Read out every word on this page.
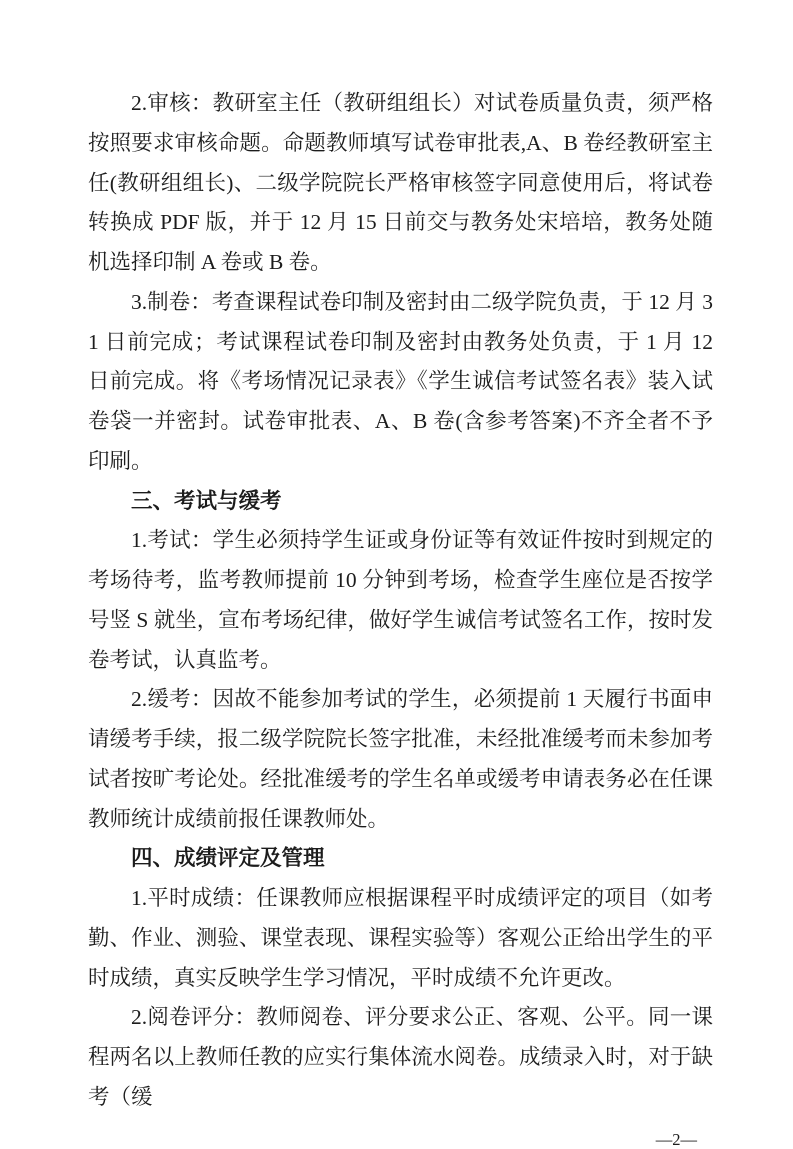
2.审核：教研室主任（教研组组长）对试卷质量负责，须严格按照要求审核命题。命题教师填写试卷审批表,A、B 卷经教研室主任(教研组组长)、二级学院院长严格审核签字同意使用后，将试卷转换成 PDF 版，并于 12 月 15 日前交与教务处宋培培，教务处随机选择印制 A 卷或 B 卷。

3.制卷：考查课程试卷印制及密封由二级学院负责，于 12 月 31 日前完成；考试课程试卷印制及密封由教务处负责，于 1 月 12 日前完成。将《考场情况记录表》《学生诚信考试签名表》装入试卷袋一并密封。试卷审批表、A、B 卷(含参考答案)不齐全者不予印刷。

三、考试与缓考

1.考试：学生必须持学生证或身份证等有效证件按时到规定的考场待考，监考教师提前 10 分钟到考场，检查学生座位是否按学号竖 S 就坐，宣布考场纪律，做好学生诚信考试签名工作，按时发卷考试，认真监考。

2.缓考：因故不能参加考试的学生，必须提前 1 天履行书面申请缓考手续，报二级学院院长签字批准，未经批准缓考而未参加考试者按旷考论处。经批准缓考的学生名单或缓考申请表务必在任课教师统计成绩前报任课教师处。

四、成绩评定及管理

1.平时成绩：任课教师应根据课程平时成绩评定的项目（如考勤、作业、测验、课堂表现、课程实验等）客观公正给出学生的平时成绩，真实反映学生学习情况，平时成绩不允许更改。

2.阅卷评分：教师阅卷、评分要求公正、客观、公平。同一课程两名以上教师任教的应实行集体流水阅卷。成绩录入时，对于缺考（缓

—2—
